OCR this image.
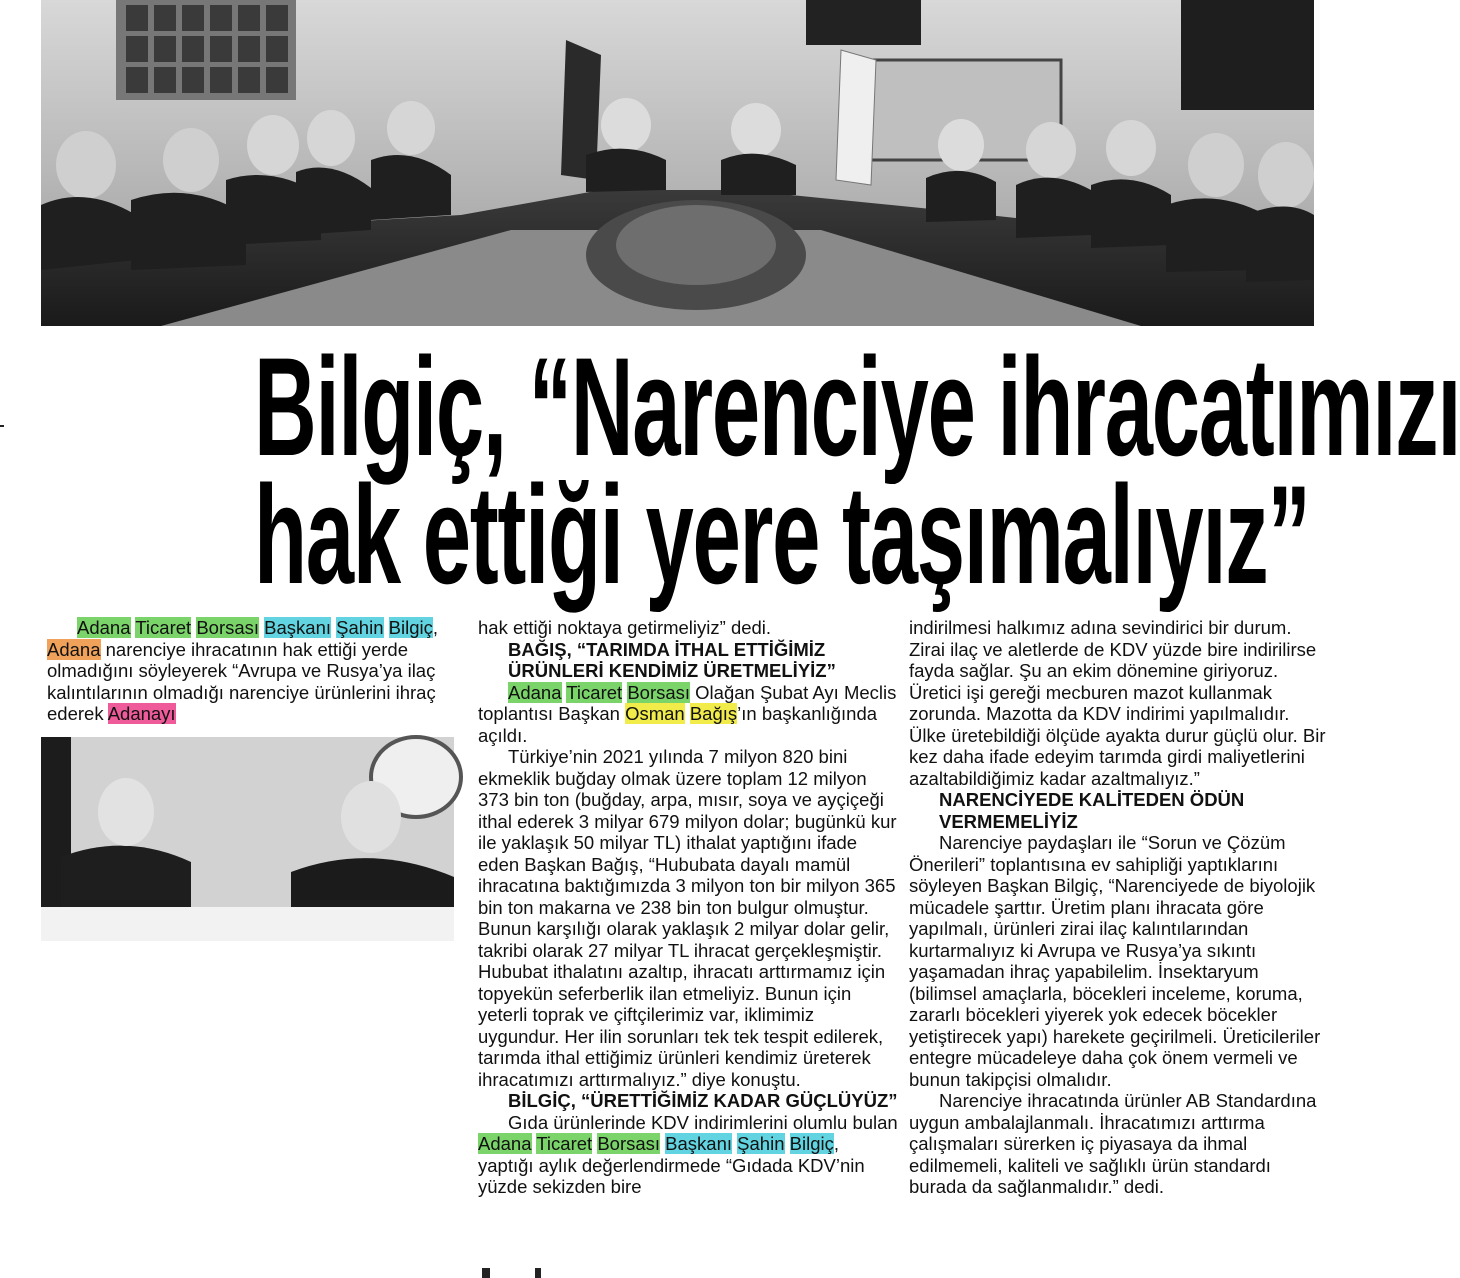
Bilgiç, “Narenciye ihracatımızı
hak ettiği yere taşımalıyız”

Adana Ticaret Borsası Başkanı Şahin Bilgiç, Adana narenciye ihracatının hak ettiği yerde olmadığını söyleyerek “Avrupa ve Rusya’ya ilaç kalıntılarının olmadığı narenciye ürünlerini ihraç ederek Adanayı

hak ettiği noktaya getirmeliyiz” dedi.

BAĞIŞ, “TARIMDA İTHAL ETTİĞİMİZ ÜRÜNLERİ KENDİMİZ ÜRETMELİYİZ”

Adana Ticaret Borsası Olağan Şubat Ayı Meclis toplantısı Başkan Osman Bağış’ın başkanlığında açıldı.

Türkiye’nin 2021 yılında 7 milyon 820 bini ekmeklik buğday olmak üzere toplam 12 milyon 373 bin ton (buğday, arpa, mısır, soya ve ayçiçeği ithal ederek 3 milyar 679 milyon dolar; bugünkü kur ile yaklaşık 50 milyar TL) ithalat yaptığını ifade eden Başkan Bağış, “Hububata dayalı mamül ihracatına baktığımızda 3 milyon ton bir milyon 365 bin ton makarna ve 238 bin ton bulgur olmuştur. Bunun karşılığı olarak yaklaşık 2 milyar dolar gelir, takribi olarak 27 milyar TL ihracat gerçekleşmiştir. Hububat ithalatını azaltıp, ihracatı arttırmamız için topyekün seferberlik ilan etmeliyiz. Bunun için yeterli toprak ve çiftçilerimiz var, iklimimiz uygundur. Her ilin sorunları tek tek tespit edilerek, tarımda ithal ettiğimiz ürünleri kendimiz üreterek ihracatımızı arttırmalıyız.” diye konuştu.

BİLGİÇ, “ÜRETTİĞİMİZ KADAR GÜÇLÜYÜZ”

Gıda ürünlerinde KDV indirimlerini olumlu bulan Adana Ticaret Borsası Başkanı Şahin Bilgiç, yaptığı aylık değerlendirmede “Gıdada KDV’nin yüzde sekizden bire

indirilmesi halkımız adına sevindirici bir durum. Zirai ilaç ve aletlerde de KDV yüzde bire indirilirse fayda sağlar. Şu an ekim dönemine giriyoruz. Üretici işi gereği mecburen mazot kullanmak zorunda. Mazotta da KDV indirimi yapılmalıdır. Ülke üretebildiği ölçüde ayakta durur güçlü olur. Bir kez daha ifade edeyim tarımda girdi maliyetlerini azaltabildiğimiz kadar azaltmalıyız.”

NARENCİYEDE KALİTEDEN ÖDÜN VERMEMELİYİZ

Narenciye paydaşları ile “Sorun ve Çözüm Önerileri” toplantısına ev sahipliği yaptıklarını söyleyen Başkan Bilgiç, “Narenciyede de biyolojik mücadele şarttır. Üretim planı ihracata göre yapılmalı, ürünleri zirai ilaç kalıntılarından kurtarmalıyız ki Avrupa ve Rusya’ya sıkıntı yaşamadan ihraç yapabilelim. İnsektaryum (bilimsel amaçlarla, böcekleri inceleme, koruma, zararlı böcekleri yiyerek yok edecek böcekler yetiştirecek yapı) harekete geçirilmeli. Üreticileriler entegre mücadeleye daha çok önem vermeli ve bunun takipçisi olmalıdır.

Narenciye ihracatında ürünler AB Standardına uygun ambalajlanmalı. İhracatımızı arttırma çalışmaları sürerken iç piyasaya da ihmal edilmemeli, kaliteli ve sağlıklı ürün standardı burada da sağlanmalıdır.” dedi.
